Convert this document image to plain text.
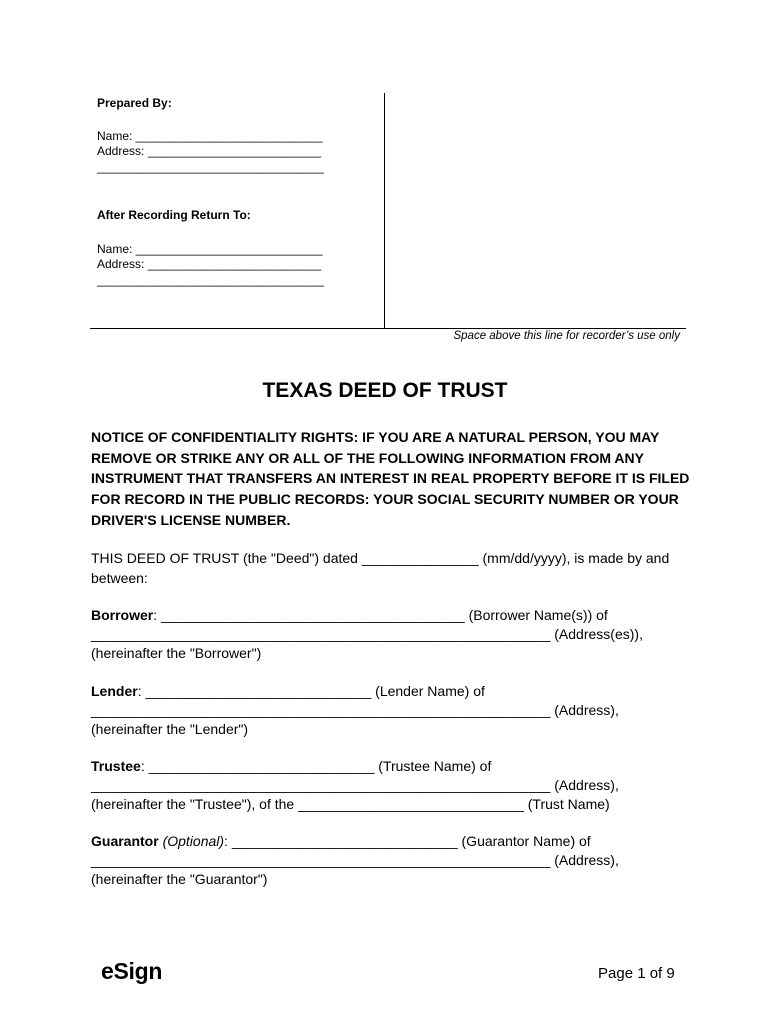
Prepared By:
Name: ____________________________
Address: __________________________
__________________________________
After Recording Return To:
Name: ____________________________
Address: __________________________
__________________________________
Space above this line for recorder’s use only
TEXAS DEED OF TRUST
NOTICE OF CONFIDENTIALITY RIGHTS: IF YOU ARE A NATURAL PERSON, YOU MAY REMOVE OR STRIKE ANY OR ALL OF THE FOLLOWING INFORMATION FROM ANY INSTRUMENT THAT TRANSFERS AN INTEREST IN REAL PROPERTY BEFORE IT IS FILED FOR RECORD IN THE PUBLIC RECORDS: YOUR SOCIAL SECURITY NUMBER OR YOUR DRIVER'S LICENSE NUMBER.
THIS DEED OF TRUST (the "Deed") dated _______________ (mm/dd/yyyy), is made by and
between:
Borrower: _______________________________________ (Borrower Name(s)) of
___________________________________________________________ (Address(es)),
(hereinafter the "Borrower")
Lender: _____________________________ (Lender Name) of
___________________________________________________________ (Address),
(hereinafter the "Lender")
Trustee: _____________________________ (Trustee Name) of
___________________________________________________________ (Address),
(hereinafter the "Trustee"), of the _____________________________ (Trust Name)
Guarantor (Optional): _____________________________ (Guarantor Name) of
___________________________________________________________ (Address),
(hereinafter the "Guarantor")
eSign	Page 1 of 9
